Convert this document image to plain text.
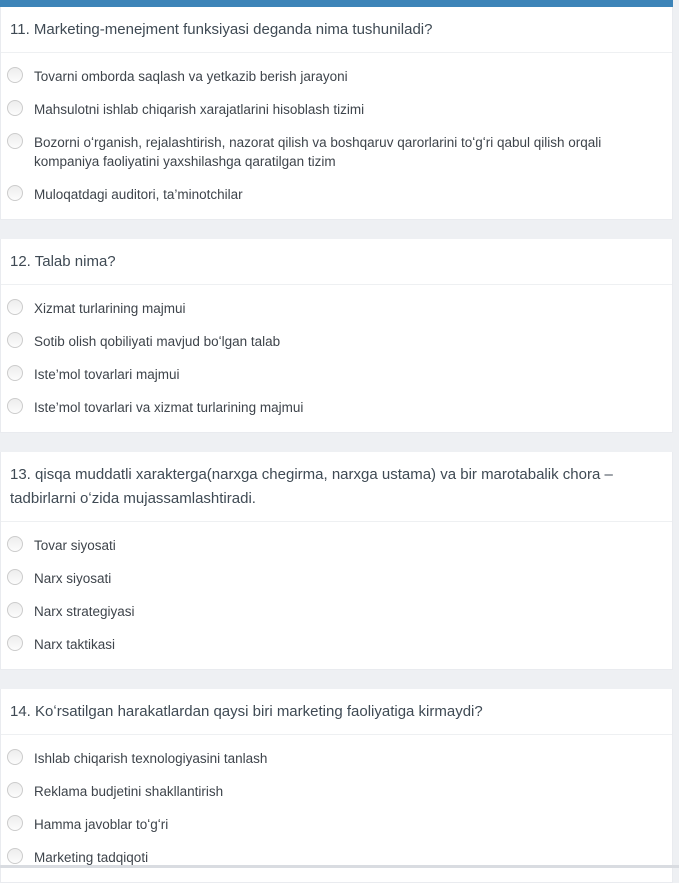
11. Marketing-menejment funksiyasi deganda nima tushuniladi?
Tovarni omborda saqlash va yetkazib berish jarayoni
Mahsulotni ishlab chiqarish xarajatlarini hisoblash tizimi
Bozorni oʻrganish, rejalashtirish, nazorat qilish va boshqaruv qarorlarini toʻgʻri qabul qilish orqali kompaniya faoliyatini yaxshilashga qaratilgan tizim
Muloqatdagi auditori, ta’minotchilar
12. Talab nima?
Xizmat turlarining majmui
Sotib olish qobiliyati mavjud boʻlgan talab
Iste’mol tovarlari majmui
Iste’mol tovarlari va xizmat turlarining majmui
13. qisqa muddatli xarakterga(narxga chegirma, narxga ustama) va bir marotabalik chora – tadbirlarni oʻzida mujassamlashtiradi.
Tovar siyosati
Narx siyosati
Narx strategiyasi
Narx taktikasi
14. Koʻrsatilgan harakatlardan qaysi biri marketing faoliyatiga kirmaydi?
Ishlab chiqarish texnologiyasini tanlash
Reklama budjetini shakllantirish
Hamma javoblar toʻgʻri
Marketing tadqiqoti
